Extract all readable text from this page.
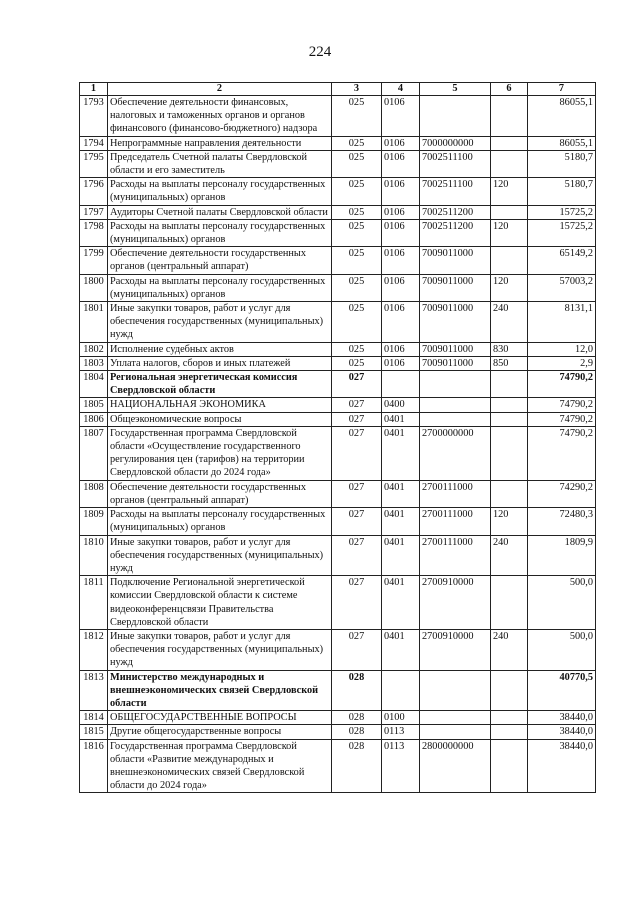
224
1	2	3	4	5	6	7
1793	Обеспечение деятельности финансовых, налоговых и таможенных органов и органов финансового (финансово-бюджетного) надзора	025	0106			86055,1
1794	Непрограммные направления деятельности	025	0106	7000000000		86055,1
1795	Председатель Счетной палаты Свердловской области и его заместитель	025	0106	7002511100		5180,7
1796	Расходы на выплаты персоналу государственных (муниципальных) органов	025	0106	7002511100	120	5180,7
1797	Аудиторы Счетной палаты Свердловской области	025	0106	7002511200		15725,2
1798	Расходы на выплаты персоналу государственных (муниципальных) органов	025	0106	7002511200	120	15725,2
1799	Обеспечение деятельности государственных органов (центральный аппарат)	025	0106	7009011000		65149,2
1800	Расходы на выплаты персоналу государственных (муниципальных) органов	025	0106	7009011000	120	57003,2
1801	Иные закупки товаров, работ и услуг для обеспечения государственных (муниципальных) нужд	025	0106	7009011000	240	8131,1
1802	Исполнение судебных актов	025	0106	7009011000	830	12,0
1803	Уплата налогов, сборов и иных платежей	025	0106	7009011000	850	2,9
1804	Региональная энергетическая комиссия Свердловской области	027				74790,2
1805	НАЦИОНАЛЬНАЯ ЭКОНОМИКА	027	0400			74790,2
1806	Общеэкономические вопросы	027	0401			74790,2
1807	Государственная программа Свердловской области «Осуществление государственного регулирования цен (тарифов) на территории Свердловской области до 2024 года»	027	0401	2700000000		74790,2
1808	Обеспечение деятельности государственных органов (центральный аппарат)	027	0401	2700111000		74290,2
1809	Расходы на выплаты персоналу государственных (муниципальных) органов	027	0401	2700111000	120	72480,3
1810	Иные закупки товаров, работ и услуг для обеспечения государственных (муниципальных) нужд	027	0401	2700111000	240	1809,9
1811	Подключение Региональной энергетической комиссии Свердловской области к системе видеоконференцсвязи Правительства Свердловской области	027	0401	2700910000		500,0
1812	Иные закупки товаров, работ и услуг для обеспечения государственных (муниципальных) нужд	027	0401	2700910000	240	500,0
1813	Министерство международных и внешнеэкономических связей Свердловской области	028				40770,5
1814	ОБЩЕГОСУДАРСТВЕННЫЕ ВОПРОСЫ	028	0100			38440,0
1815	Другие общегосударственные вопросы	028	0113			38440,0
1816	Государственная программа Свердловской области «Развитие международных и внешнеэкономических связей Свердловской области до 2024 года»	028	0113	2800000000		38440,0
